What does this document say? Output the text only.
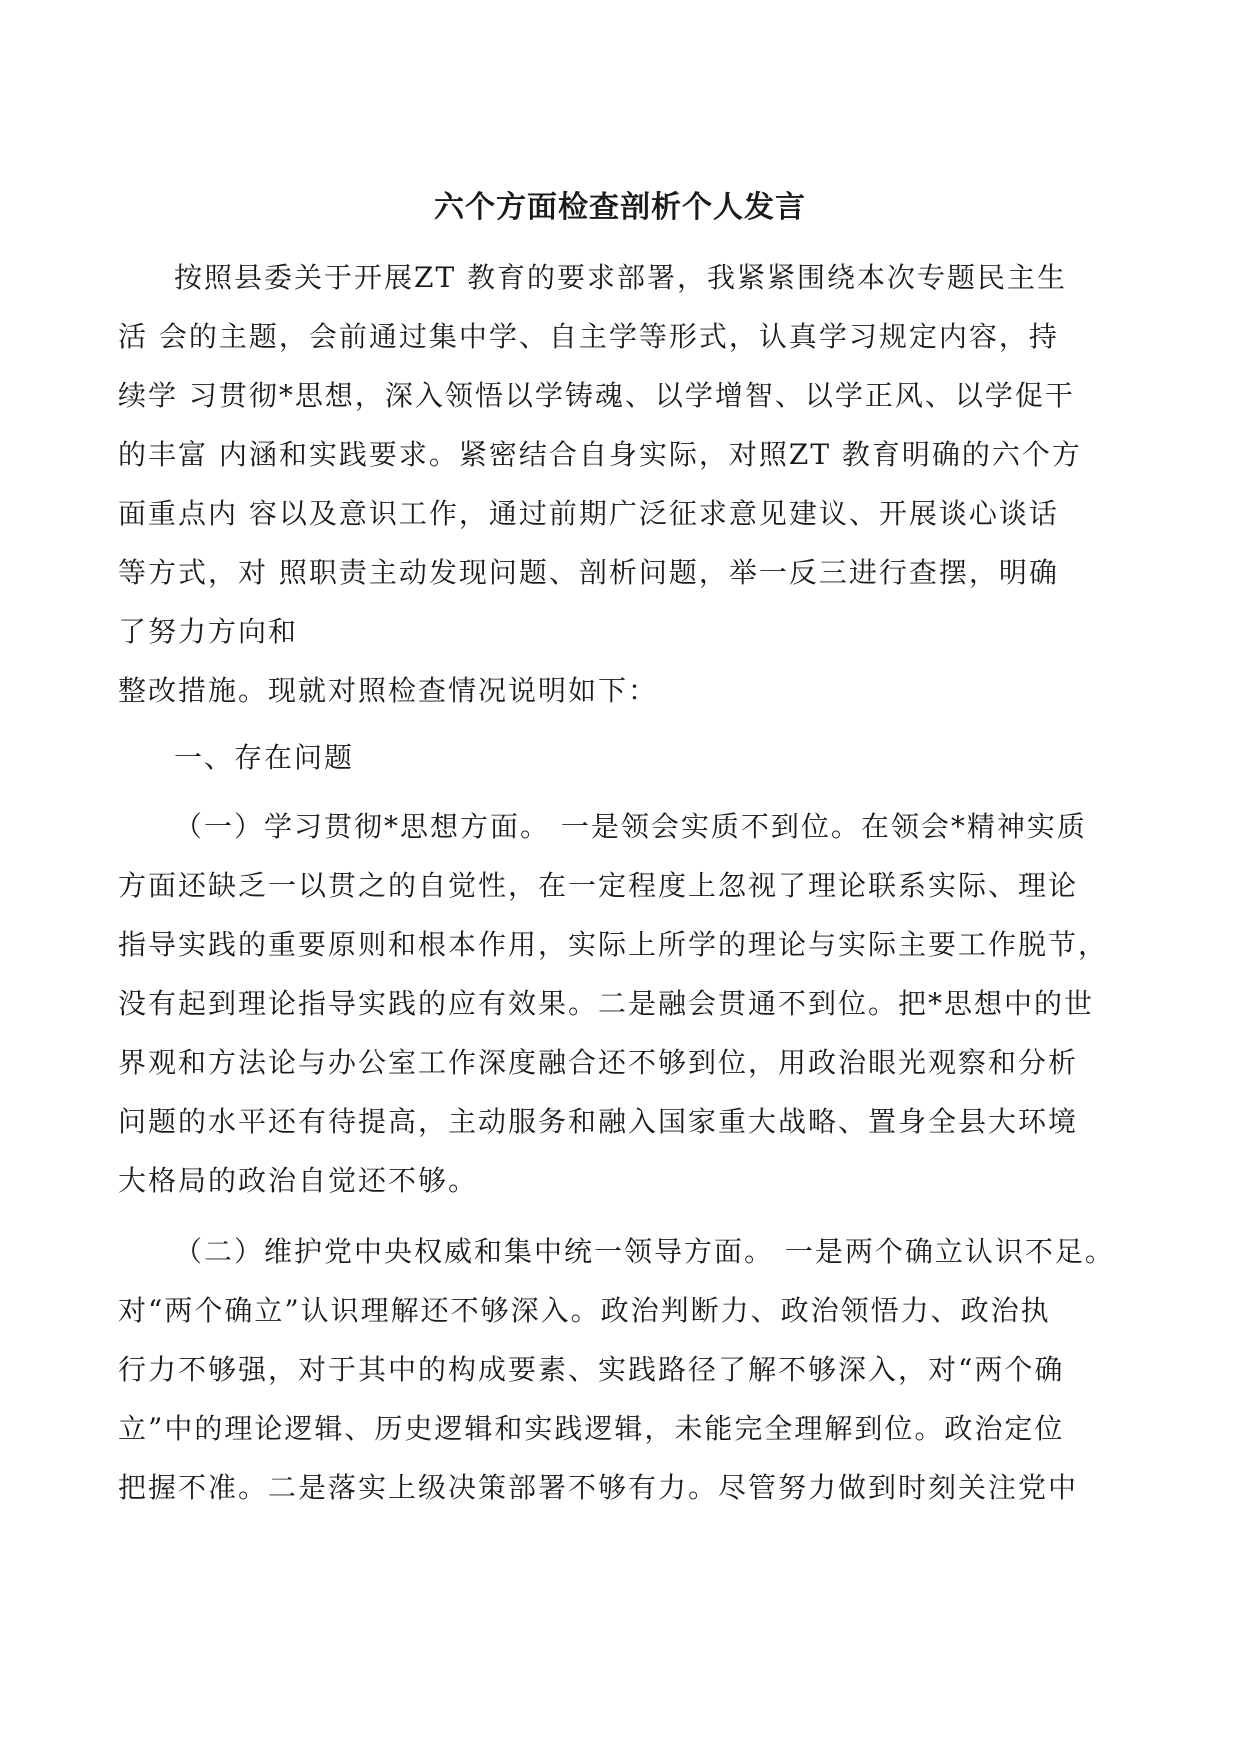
六个方面检查剖析个人发言
按照县委关于开展ZT 教育的要求部署，我紧紧围绕本次专题民主生
活 会的主题，会前通过集中学、自主学等形式，认真学习规定内容，持
续学 习贯彻*思想，深入领悟以学铸魂、以学增智、以学正风、以学促干
的丰富 内涵和实践要求。紧密结合自身实际，对照ZT 教育明确的六个方
面重点内 容以及意识工作，通过前期广泛征求意见建议、开展谈心谈话
等方式，对 照职责主动发现问题、剖析问题，举一反三进行查摆，明确
了努力方向和
整改措施。现就对照检查情况说明如下：
一、存在问题
（一）学习贯彻*思想方面。 一是领会实质不到位。在领会*精神实质
方面还缺乏一以贯之的自觉性，在一定程度上忽视了理论联系实际、理论
指导实践的重要原则和根本作用，实际上所学的理论与实际主要工作脱节，
没有起到理论指导实践的应有效果。二是融会贯通不到位。把*思想中的世
界观和方法论与办公室工作深度融合还不够到位，用政治眼光观察和分析
问题的水平还有待提高，主动服务和融入国家重大战略、置身全县大环境
大格局的政治自觉还不够。
（二）维护党中央权威和集中统一领导方面。 一是两个确立认识不足。
对“两个确立”认识理解还不够深入。政治判断力、政治领悟力、政治执
行力不够强，对于其中的构成要素、实践路径了解不够深入，对“两个确
立”中的理论逻辑、历史逻辑和实践逻辑，未能完全理解到位。政治定位
把握不准。二是落实上级决策部署不够有力。尽管努力做到时刻关注党中
